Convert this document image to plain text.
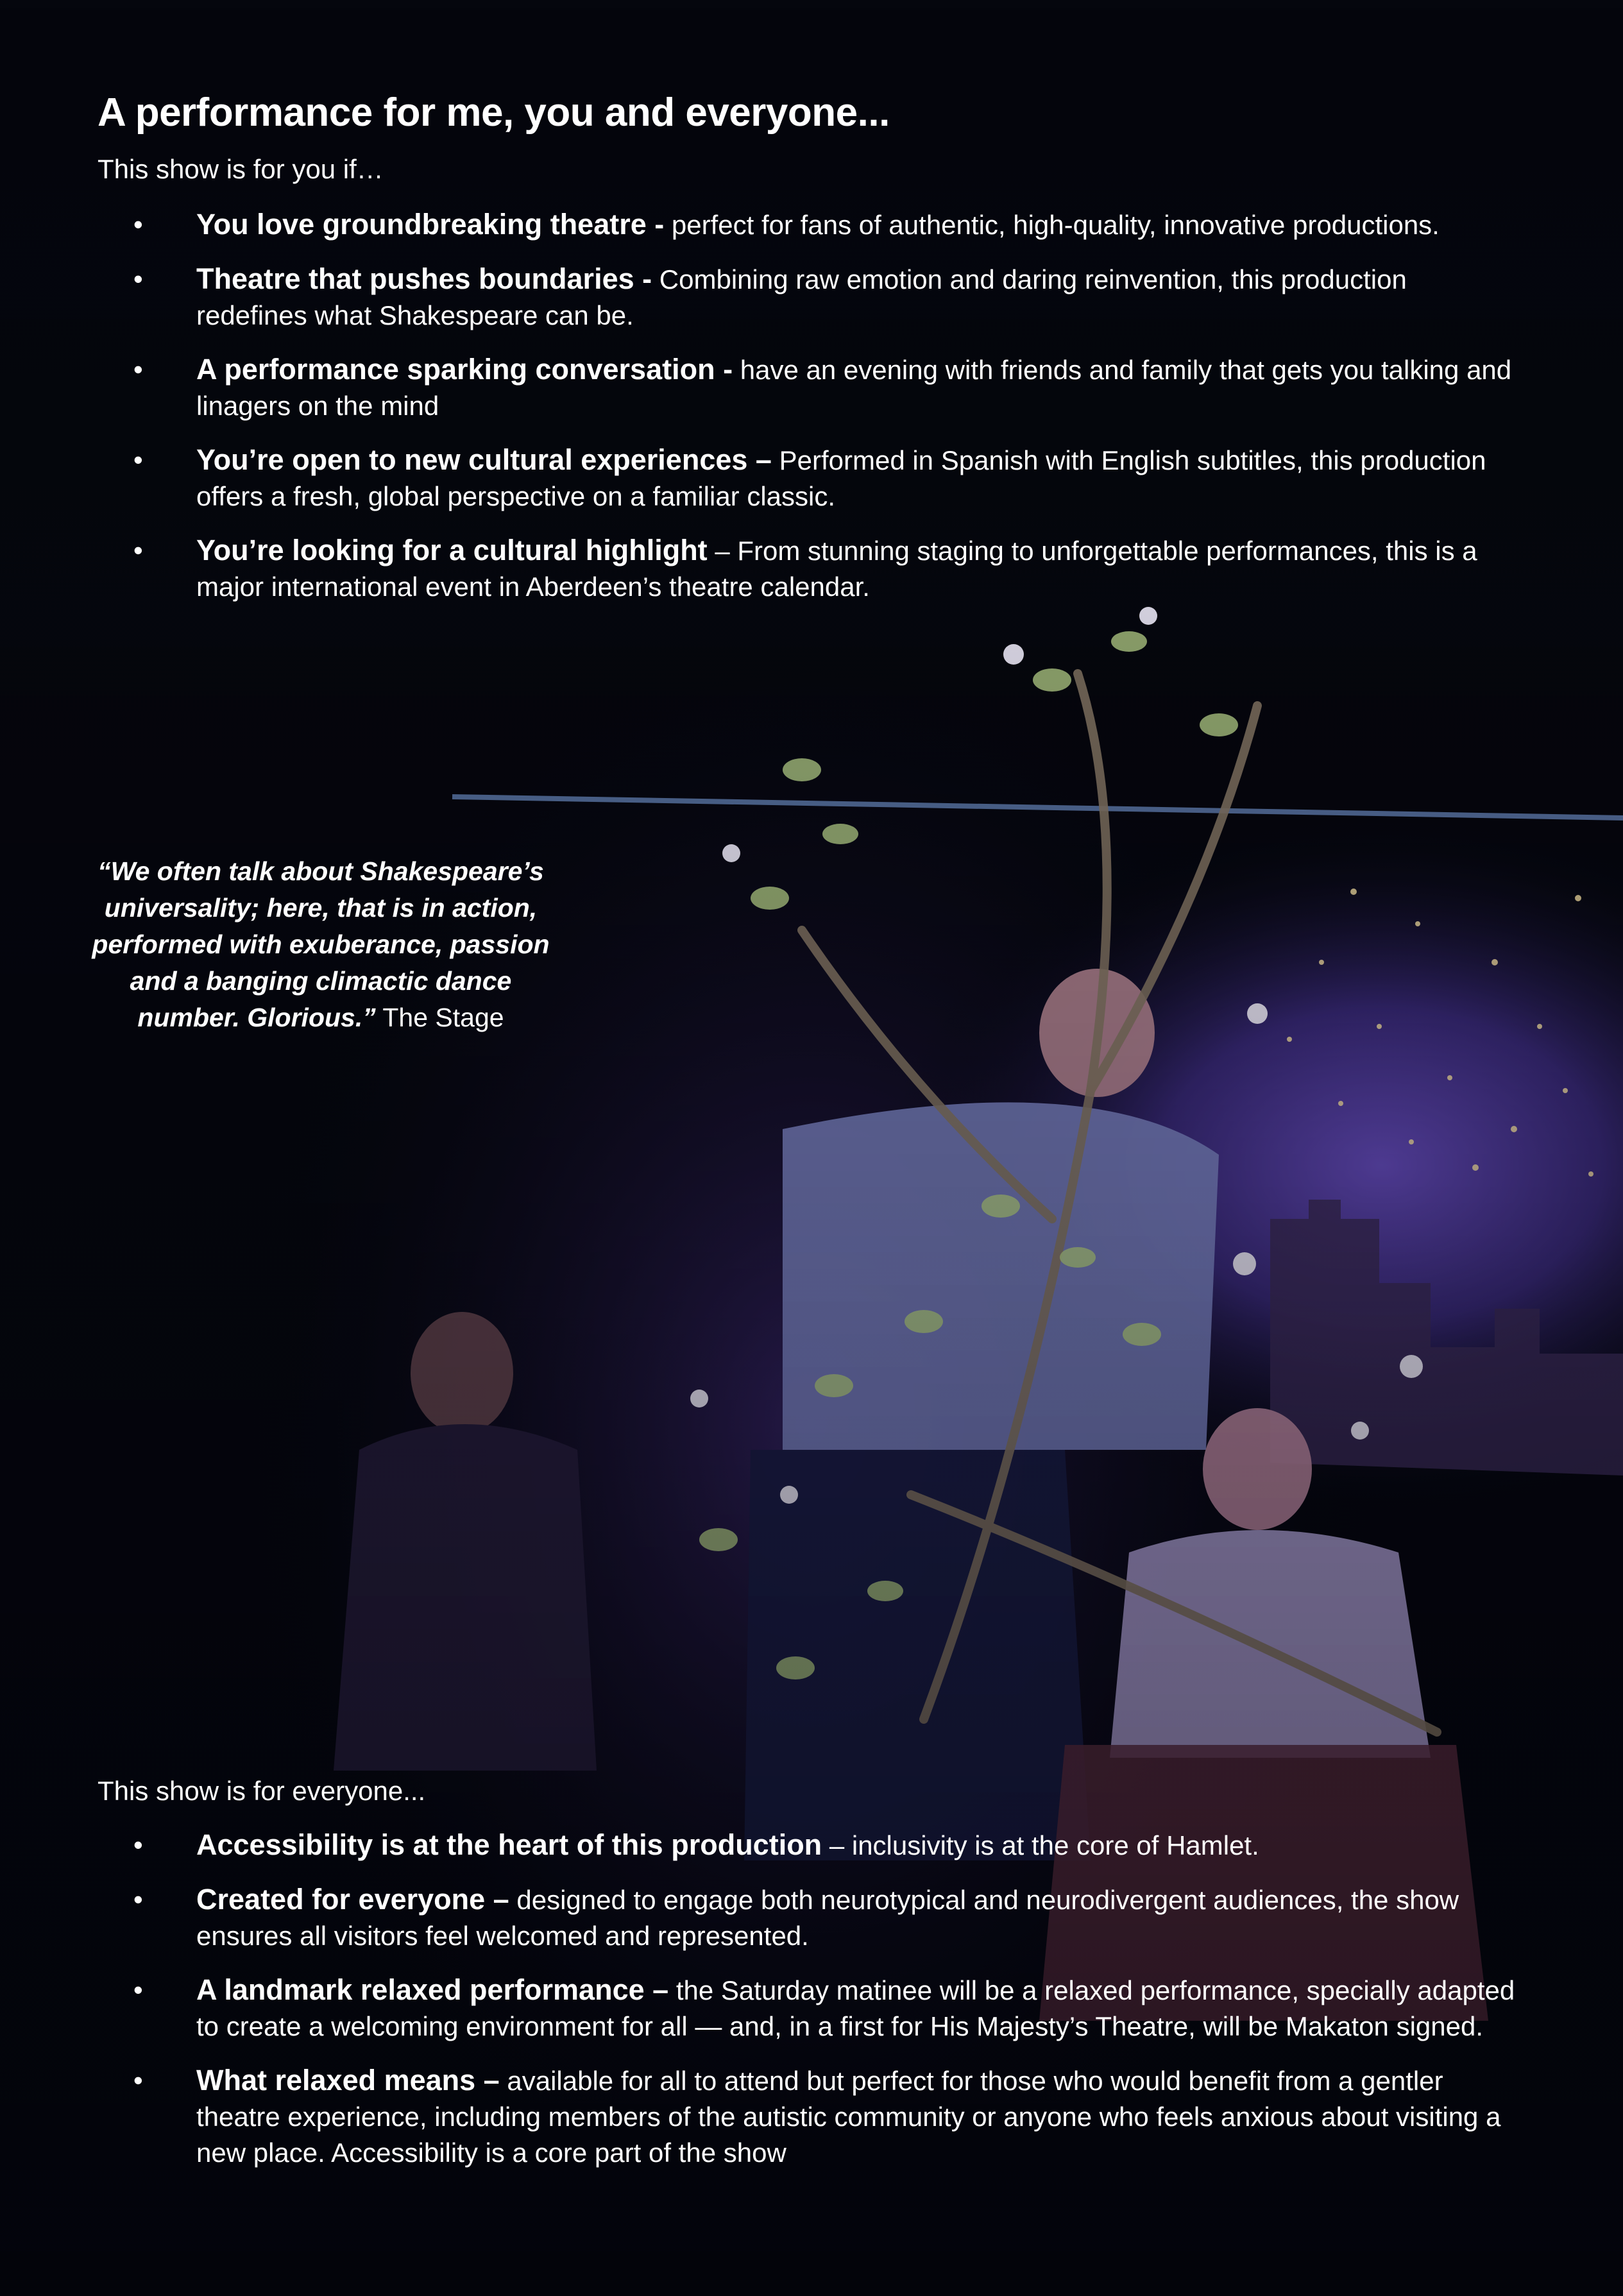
A performance for me, you and everyone...

This show is for you if…

• You love groundbreaking theatre - perfect for fans of authentic, high-quality, innovative productions.
• Theatre that pushes boundaries - Combining raw emotion and daring reinvention, this production redefines what Shakespeare can be.
• A performance sparking conversation - have an evening with friends and family that gets you talking and linagers on the mind
• You’re open to new cultural experiences – Performed in Spanish with English subtitles, this production offers a fresh, global perspective on a familiar classic.
• You’re looking for a cultural highlight – From stunning staging to unforgettable performances, this is a major international event in Aberdeen’s theatre calendar.
“We often talk about Shakespeare’s universality; here, that is in action, performed with exuberance, passion and a banging climactic dance number. Glorious.” The Stage

This show is for everyone...

• Accessibility is at the heart of this production – inclusivity is at the core of Hamlet.
• Created for everyone – designed to engage both neurotypical and neurodivergent audiences, the show ensures all visitors feel welcomed and represented.
• A landmark relaxed performance – the Saturday matinee will be a relaxed performance, specially adapted to create a welcoming environment for all — and, in a first for His Majesty’s Theatre, will be Makaton signed.
• What relaxed means – available for all to attend but perfect for those who would benefit from a gentler theatre experience, including members of the autistic community or anyone who feels anxious about visiting a new place. Accessibility is a core part of the show
